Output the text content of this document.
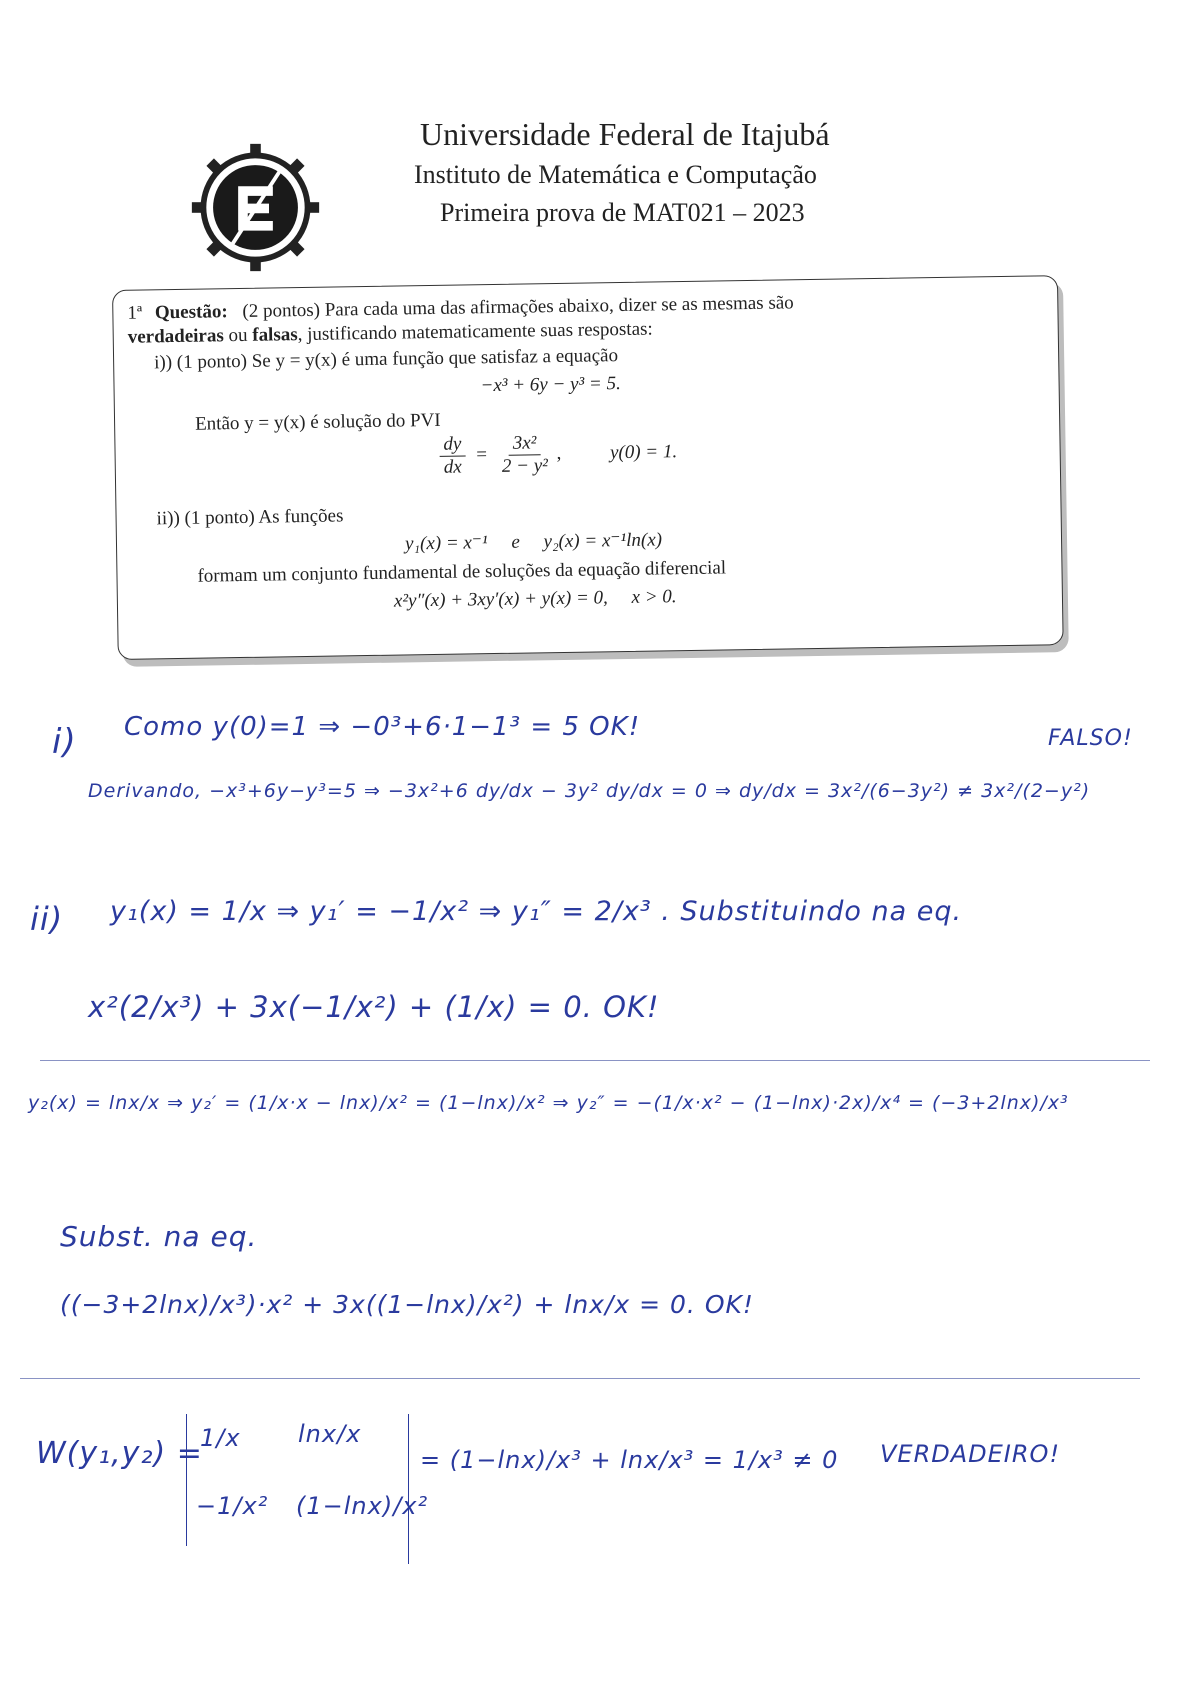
Universidade Federal de Itajubá
Instituto de Matemática e Computação
Primeira prova de MAT021 – 2023
1ª Questão: (2 pontos) Para cada uma das afirmações abaixo, dizer se as mesmas são
verdadeiras ou falsas, justificando matematicamente suas respostas:
i)) (1 ponto) Se y = y(x) é uma função que satisfaz a equação
−x³ + 6y − y³ = 5.
Então y = y(x) é solução do PVI
$\frac{dy}{dx} = \frac{\text{3x²}}{\text{2 − y²}}$ ,	y(0) = 1.
ii)) (1 ponto) As funções
y₁(x) = x⁻¹     e     y₂(x) = x⁻¹ln(x)
formam um conjunto fundamental de soluções da equação diferencial
x²y″(x) + 3xy′(x) + y(x) = 0,     x > 0.
i) Como y(0)=1 ⇒ −0³+6·1−1³ = 5 OK!
Derivando, −x³+6y−y³=5 ⇒ −3x²+6 dy/dx − 3y² dy/dx = 0 ⇒ dy/dx = 3x²/(6−3y²) ≠ 3x²/(2−y²)
FALSO!
ii) y₁(x) = 1/x ⇒ y₁′ = −1/x² ⇒ y₁″ = 2/x³ . Substituindo na eq.
x²(2/x³) + 3x(−1/x²) + (1/x) = 0. OK!
y₂(x) = lnx/x ⇒ y₂′ = (1/x·x − lnx)/x² = (1−lnx)/x² ⇒ y₂″ = −(1/x·x² − (1−lnx)·2x)/x⁴ = (−3+2lnx)/x³
Subst. na eq.
((−3+2lnx)/x³)·x² + 3x((1−lnx)/x²) + lnx/x = 0. OK!
W(y₁,y₂) =
1/x lnx/x
−1/x² (1−lnx)/x²
= (1−lnx)/x³ + lnx/x³ = 1/x³ ≠ 0 VERDADEIRO!
